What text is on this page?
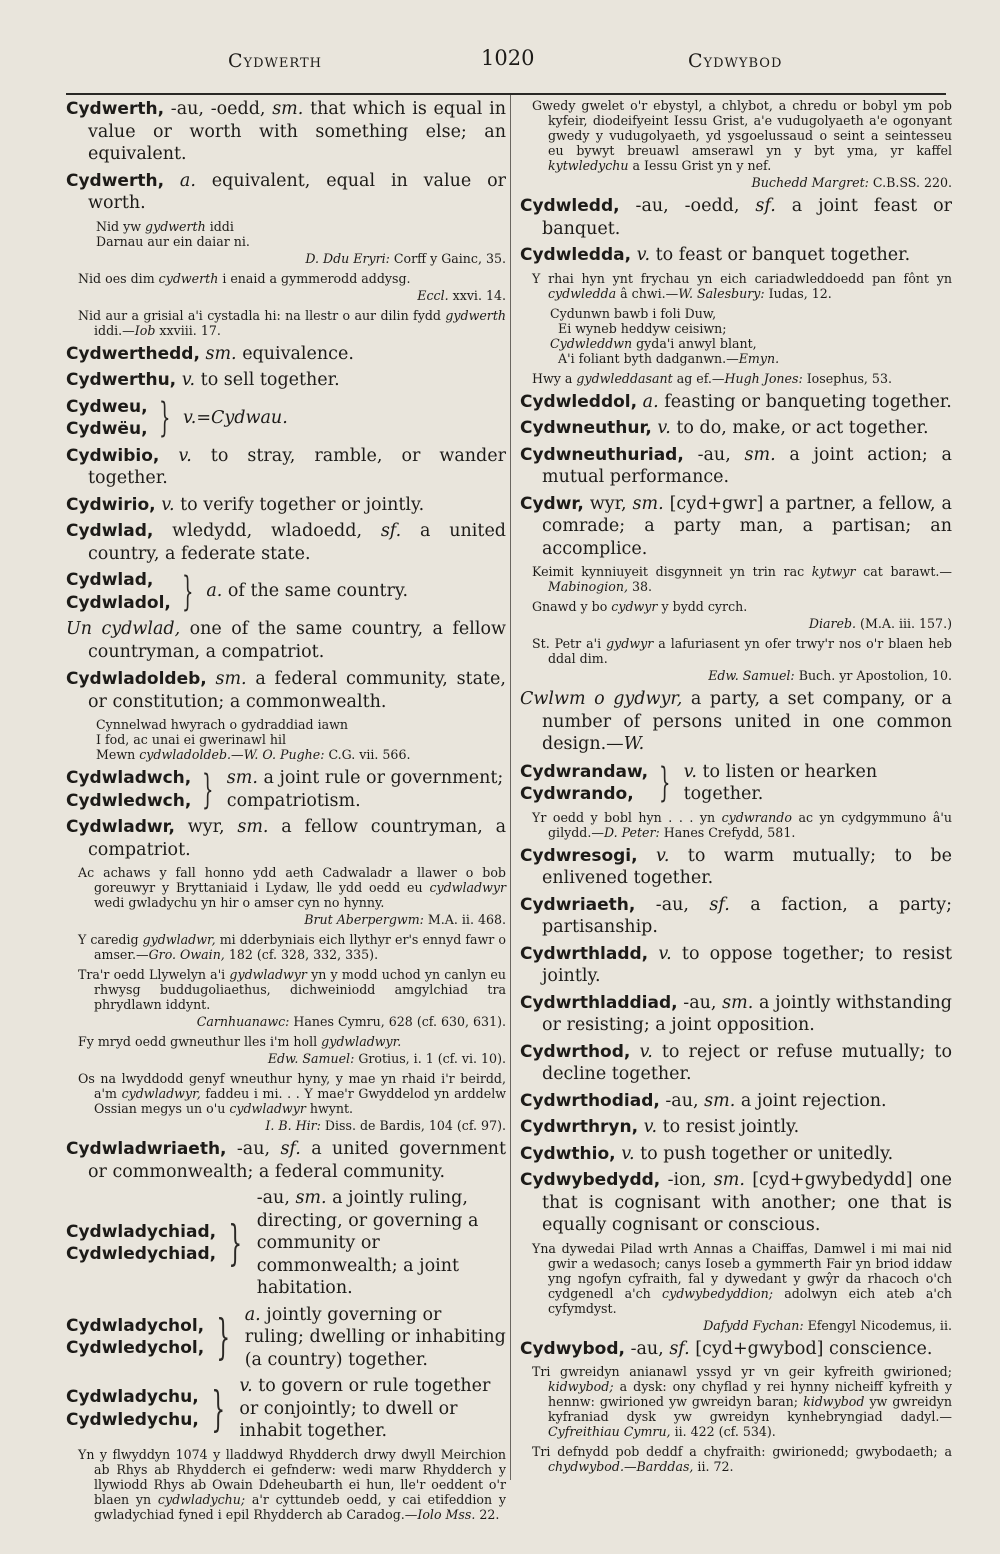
Cydwerth	1020	Cydwybod

Cydwerth, -au, -oedd, sm. that which is equal in value or worth with something else; an equivalent.

Cydwerth, a. equivalent, equal in value or worth.

Nid yw gydwerth iddi
Darnau aur ein daiar ni.

D. Ddu Eryri: Corff y Gainc, 35.

Nid oes dim cydwerth i enaid a gymmerodd addysg.

Eccl. xxvi. 14.

Nid aur a grisial a'i cystadla hi: na llestr o aur dilin fydd gydwerth iddi.—Iob xxviii. 17.

Cydwerthedd, sm. equivalence.

Cydwerthu, v. to sell together.

Cydweu,
Cydwëu, } v.=Cydwau.

Cydwibio, v. to stray, ramble, or wander together.

Cydwirio, v. to verify together or jointly.

Cydwlad, wledydd, wladoedd, sf. a united country, a federate state.

Cydwlad,
Cydwladol, } a. of the same country.

Un cydwlad, one of the same country, a fellow countryman, a compatriot.

Cydwladoldeb, sm. a federal community, state, or constitution; a commonwealth.

Cynnelwad hwyrach o gydraddiad iawn
I fod, ac unai ei gwerinawl hil
Mewn cydwladoldeb.—W. O. Pughe: C.G. vii. 566.
Cydwladwch,
Cydwledwch, } sm. a joint rule or government; compatriotism.

Cydwladwr, wyr, sm. a fellow countryman, a compatriot.

Ac achaws y fall honno ydd aeth Cadwaladr a llawer o bob goreuwyr y Bryttaniaid i Lydaw, lle ydd oedd eu cydwladwyr wedi gwladychu yn hir o amser cyn no hynny.

Brut Aberpergwm: M.A. ii. 468.

Y caredig gydwladwr, mi dderbyniais eich llythyr er's ennyd fawr o amser.—Gro. Owain, 182 (cf. 328, 332, 335).

Tra'r oedd Llywelyn a'i gydwladwyr yn y modd uchod yn canlyn eu rhwysg buddugoliaethus, dichweiniodd amgylchiad tra phrydlawn iddynt.

Carnhuanawc: Hanes Cymru, 628 (cf. 630, 631).

Fy mryd oedd gwneuthur lles i'm holl gydwladwyr.

Edw. Samuel: Grotius, i. 1 (cf. vi. 10).

Os na lwyddodd genyf wneuthur hyny, y mae yn rhaid i'r beirdd, a'm cydwladwyr, faddeu i mi. . . Y mae'r Gwyddelod yn arddelw Ossian megys un o'u cydwladwyr hwynt.

I. B. Hir: Diss. de Bardis, 104 (cf. 97).

Cydwladwriaeth, -au, sf. a united government or commonwealth; a federal community.

Cydwladychiad,
Cydwledychiad, }
-au, sm. a jointly ruling, directing, or governing a community or commonwealth; a joint habitation.
Cydwladychol,
Cydwledychol, } a. jointly governing or ruling; dwelling or inhabiting (a country) together.
Cydwladychu,
Cydwledychu, } v. to govern or rule together or conjointly; to dwell or inhabit together.

Yn y flwyddyn 1074 y lladdwyd Rhydderch drwy dwyll Meirchion ab Rhys ab Rhydderch ei gefnderw: wedi marw Rhydderch y llywiodd Rhys ab Owain Ddeheubarth ei hun, lle'r oeddent o'r blaen yn cydwladychu; a'r cyttundeb oedd, y cai etifeddion y gwladychiad fyned i epil Rhydderch ab Caradog.—Iolo Mss. 22.

Gwedy gwelet o'r ebystyl, a chlybot, a chredu or bobyl ym pob kyfeir, diodeifyeint Iessu Grist, a'e vudugolyaeth a'e ogonyant gwedy y vudugolyaeth, yd ysgoelussaud o seint a seintesseu eu bywyt breuawl amserawl yn y byt yma, yr kaffel kytwledychu a Iessu Grist yn y nef.

Buchedd Margret: C.B.SS. 220.

Cydwledd, -au, -oedd, sf. a joint feast or banquet.

Cydwledda, v. to feast or banquet together.

Y rhai hyn ynt frychau yn eich cariadwleddoedd pan fônt yn cydwledda â chwi.—W. Salesbury: Iudas, 12.

Cydunwn bawb i foli Duw,
Ei wyneb heddyw ceisiwn;
Cydwleddwn gyda'i anwyl blant,
A'i foliant byth dadganwn.—Emyn.

Hwy a gydwleddasant ag ef.—Hugh Jones: Iosephus, 53.

Cydwleddol, a. feasting or banqueting together.

Cydwneuthur, v. to do, make, or act together.

Cydwneuthuriad, -au, sm. a joint action; a mutual performance.

Cydwr, wyr, sm. [cyd+gwr] a partner, a fellow, a comrade; a party man, a partisan; an accomplice.

Keimit kynniuyeit disgynneit yn trin rac kytwyr cat barawt.—Mabinogion, 38.

Gnawd y bo cydwyr y bydd cyrch.

Diareb. (M.A. iii. 157.)

St. Petr a'i gydwyr a lafuriasent yn ofer trwy'r nos o'r blaen heb ddal dim.

Edw. Samuel: Buch. yr Apostolion, 10.

Cwlwm o gydwyr, a party, a set company, or a number of persons united in one common design.—W.

Cydwrandaw,
Cydwrando, } v. to listen or hearken together.

Yr oedd y bobl hyn . . . yn cydwrando ac yn cydgymmuno â'u gilydd.—D. Peter: Hanes Crefydd, 581.

Cydwresogi, v. to warm mutually; to be enlivened together.

Cydwriaeth, -au, sf. a faction, a party; partisanship.

Cydwrthladd, v. to oppose together; to resist jointly.

Cydwrthladdiad, -au, sm. a jointly withstanding or resisting; a joint opposition.

Cydwrthod, v. to reject or refuse mutually; to decline together.

Cydwrthodiad, -au, sm. a joint rejection.

Cydwrthryn, v. to resist jointly.

Cydwthio, v. to push together or unitedly.

Cydwybedydd, -ion, sm. [cyd+gwybedydd] one that is cognisant with another; one that is equally cognisant or conscious.

Yna dywedai Pilad wrth Annas a Chaiffas, Damwel i mi mai nid gwir a wedasoch; canys Ioseb a gymmerth Fair yn briod iddaw yng ngofyn cyfraith, fal y dywedant y gwŷr da rhacoch o'ch cydgenedl a'ch cydwybedyddion; adolwyn eich ateb a'ch cyfymdyst.

Dafydd Fychan: Efengyl Nicodemus, ii.

Cydwybod, -au, sf. [cyd+gwybod] conscience.

Tri gwreidyn anianawl yssyd yr vn geir kyfreith gwirioned; kidwybod; a dysk: ony chyflad y rei hynny nicheiff kyfreith y hennw: gwirioned yw gwreidyn baran; kidwybod yw gwreidyn kyfraniad dysk yw gwreidyn kynhebryngiad dadyl.—Cyfreithiau Cymru, ii. 422 (cf. 534).

Tri defnydd pob deddf a chyfraith: gwirionedd; gwybodaeth; a chydwybod.—Barddas, ii. 72.
